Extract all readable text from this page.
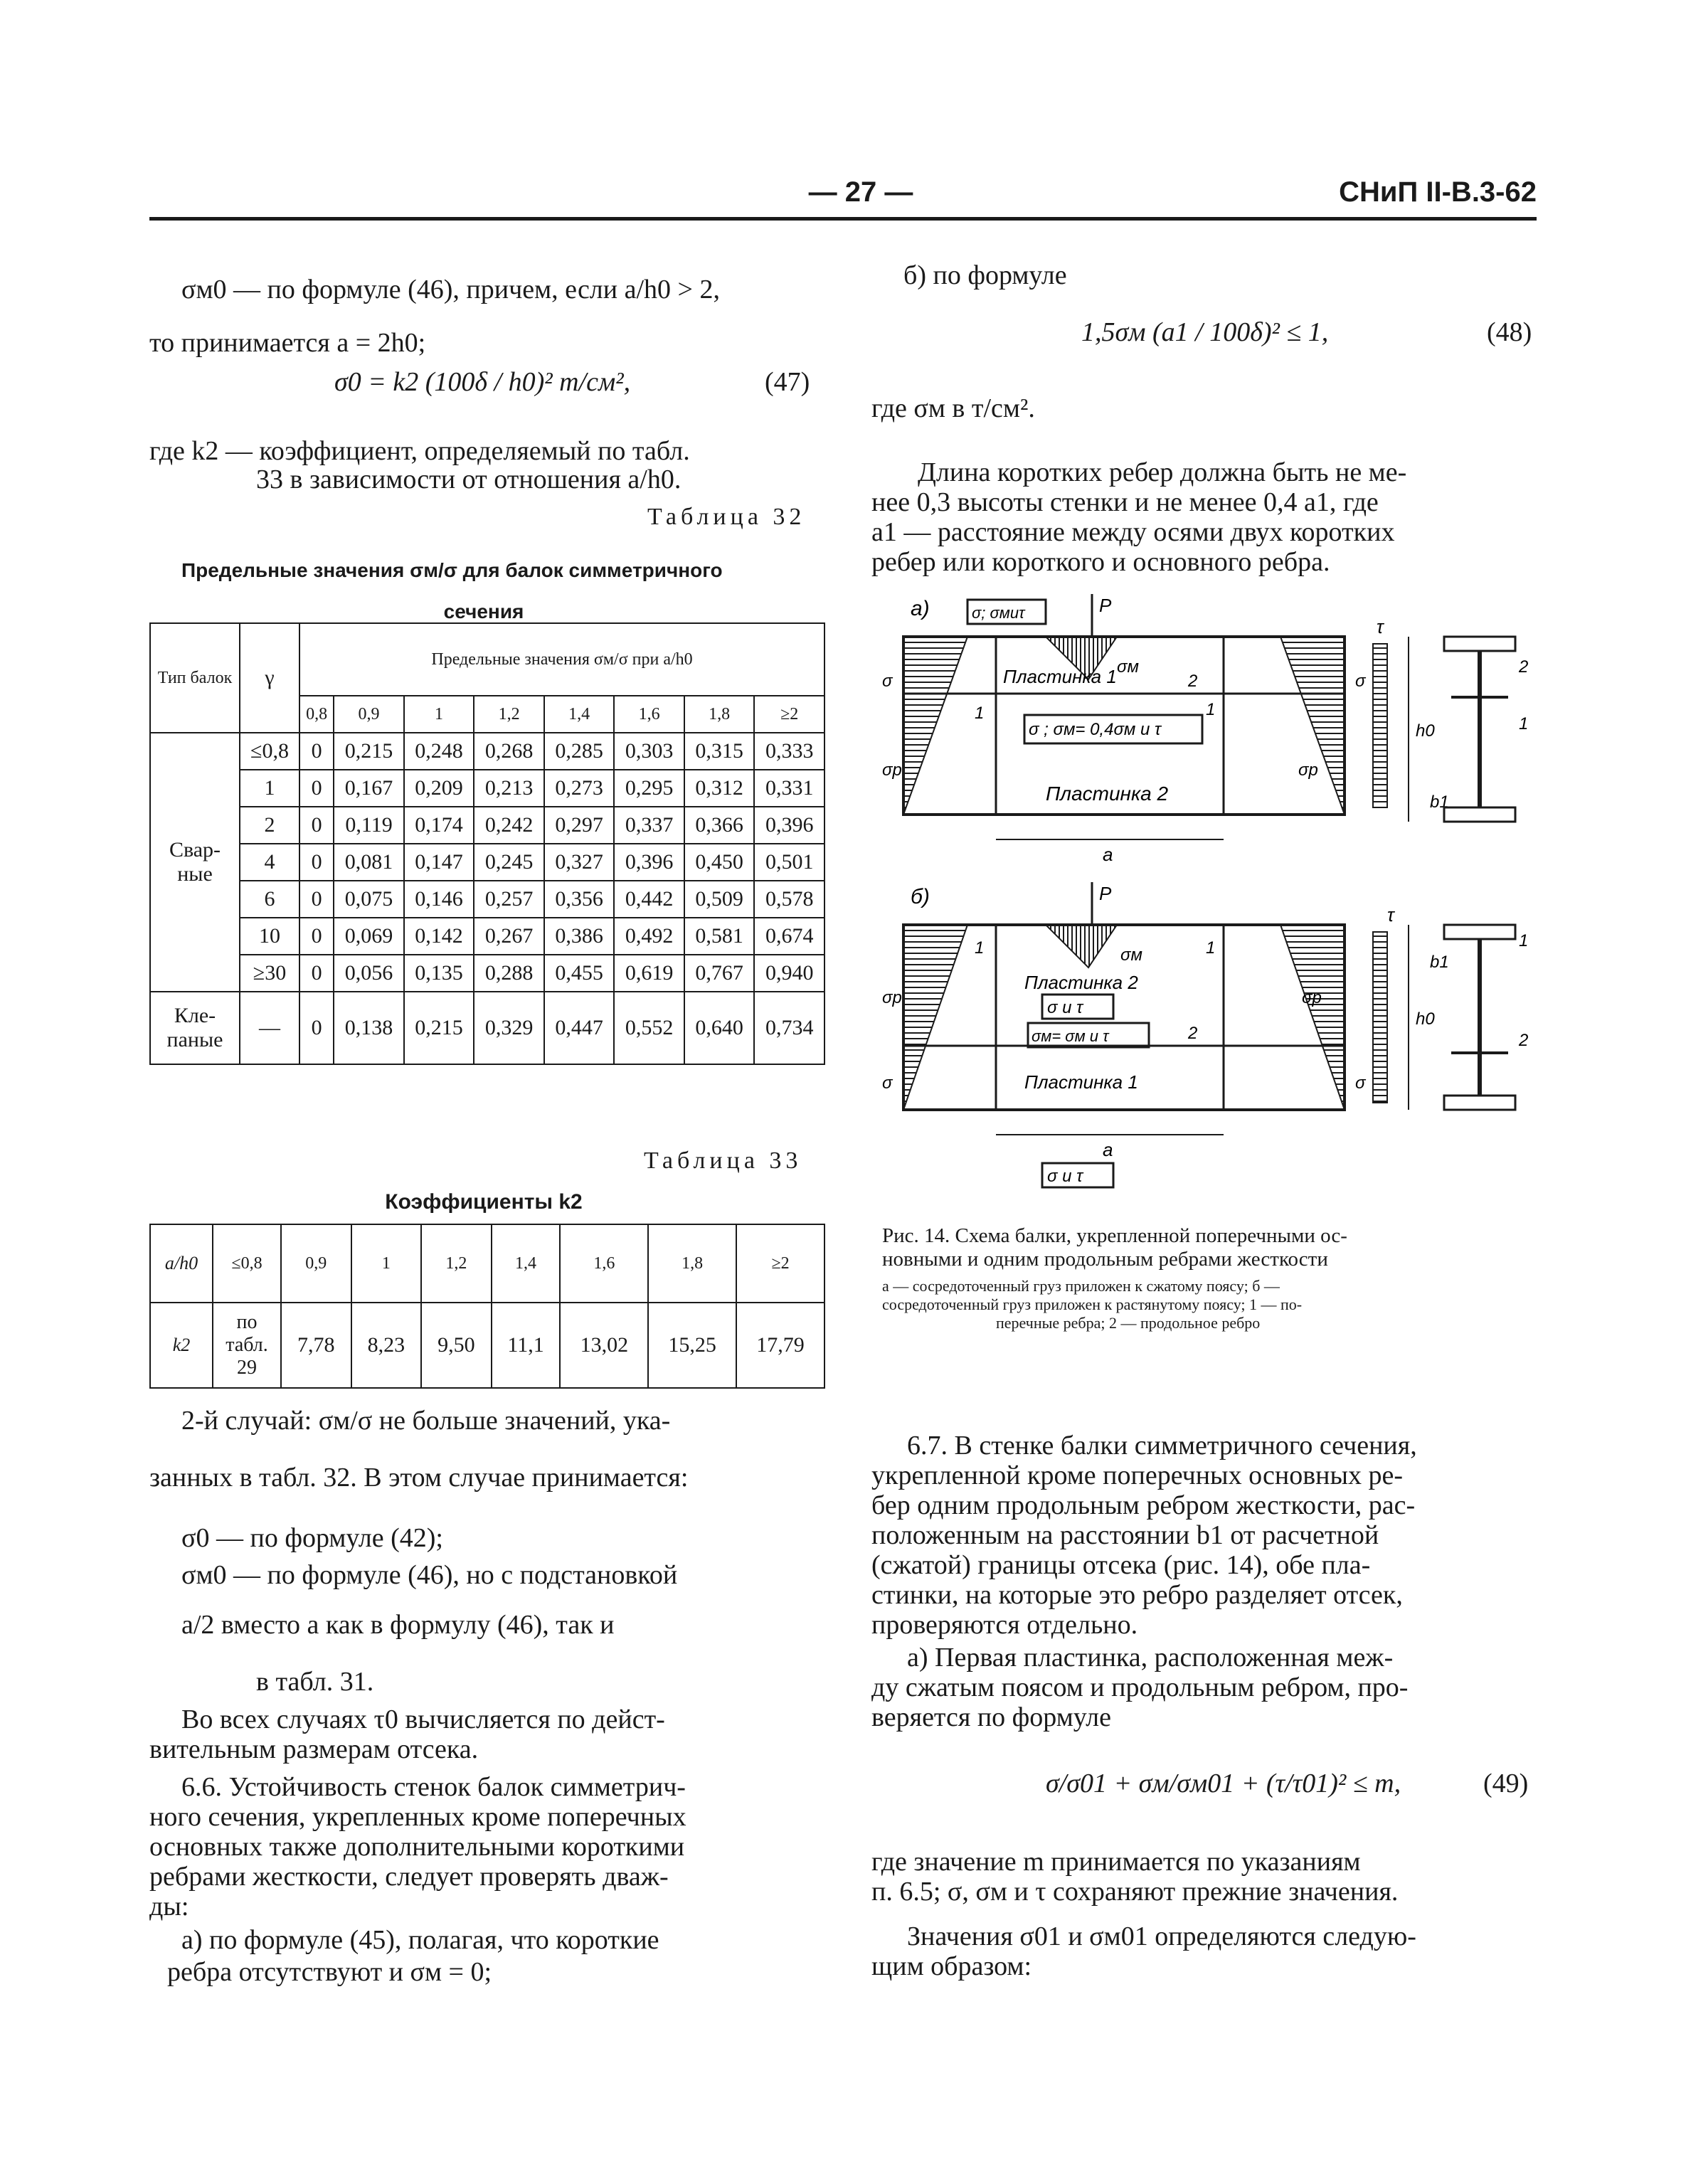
— 27 —	СНиП II-В.3-62
σм0 — по формуле (46), причем, если a/h0 > 2,
то принимается a = 2h0;
σ0 = k2 (100δ / h0)² т/см²,	(47)
где k2 — коэффициент, определяемый по табл.
33 в зависимости от отношения a/h0.
Таблица 32
Предельные значения σм/σ для балок симметричного
сечения
Тип балок	γ	Предельные значения σм/σ при a/h0							
		0,8	0,9	1	1,2	1,4	1,6	1,8	≥2
Свар-ные	≤0,8	0	0,215	0,248	0,268	0,285	0,303	0,315	0,333
	1	0	0,167	0,209	0,213	0,273	0,295	0,312	0,331
	2	0	0,119	0,174	0,242	0,297	0,337	0,366	0,396
	4	0	0,081	0,147	0,245	0,327	0,396	0,450	0,501
	6	0	0,075	0,146	0,257	0,356	0,442	0,509	0,578
	10	0	0,069	0,142	0,267	0,386	0,492	0,581	0,674
	≥30	0	0,056	0,135	0,288	0,455	0,619	0,767	0,940
Кле-паные	—	0	0,138	0,215	0,329	0,447	0,552	0,640	0,734
Таблица 33
Коэффициенты k2
a/h0	≤0,8	0,9	1	1,2	1,4	1,6	1,8	≥2
k2	по табл. 29	7,78	8,23	9,50	11,1	13,02	15,25	17,79
2-й случай: σм/σ не больше значений, ука-
занных в табл. 32. В этом случае принимается:
σ0 — по формуле (42);
σм0 — по формуле (46), но с подстановкой
a/2 вместо a как в формулу (46), так и
в табл. 31.
Во всех случаях τ0 вычисляется по дейст-
вительным размерам отсека.
6.6. Устойчивость стенок балок симметрич-
ного сечения, укрепленных кроме поперечных
основных также дополнительными короткими
ребрами жесткости, следует проверять дваж-
ды:
а) по формуле (45), полагая, что короткие
ребра отсутствуют и σм = 0;
б) по формуле
1,5σм (a1 / 100δ)² ≤ 1,	(48)
где σм в т/см².
Длина коротких ребер должна быть не ме-
нее 0,3 высоты стенки и не менее 0,4 a1, где
a1 — расстояние между осями двух коротких
ребер или короткого и основного ребра.
а)	σ; σмиτ	P
Пластинка 1 σм
σ ; σм= 0,4σм и τ
Пластинка 2
σ	σ
σр	σр
1	1
2
a
τ
h0
b1
2
1
б)	P
σм
Пластинка 2
σ и τ
σм= σм и τ
Пластинка 1
σр	σр
σ	σ
1	1
2
a
σ и τ
τ
h0
b1
1
2
Рис. 14. Схема балки, укрепленной поперечными ос-
новными и одним продольным ребрами жесткости
а — сосредоточенный груз приложен к сжатому поясу; б —
сосредоточенный груз приложен к растянутому поясу; 1 — по-
перечные ребра; 2 — продольное ребро
6.7. В стенке балки симметричного сечения,
укрепленной кроме поперечных основных ре-
бер одним продольным ребром жесткости, рас-
положенным на расстоянии b1 от расчетной
(сжатой) границы отсека (рис. 14), обе пла-
стинки, на которые это ребро разделяет отсек,
проверяются отдельно.
а) Первая пластинка, расположенная меж-
ду сжатым поясом и продольным ребром, про-
веряется по формуле
σ/σ01 + σм/σм01 + (τ/τ01)² ≤ m,	(49)
где значение m принимается по указаниям
п. 6.5; σ, σм и τ сохраняют прежние значения.
Значения σ01 и σм01 определяются следую-
щим образом:
